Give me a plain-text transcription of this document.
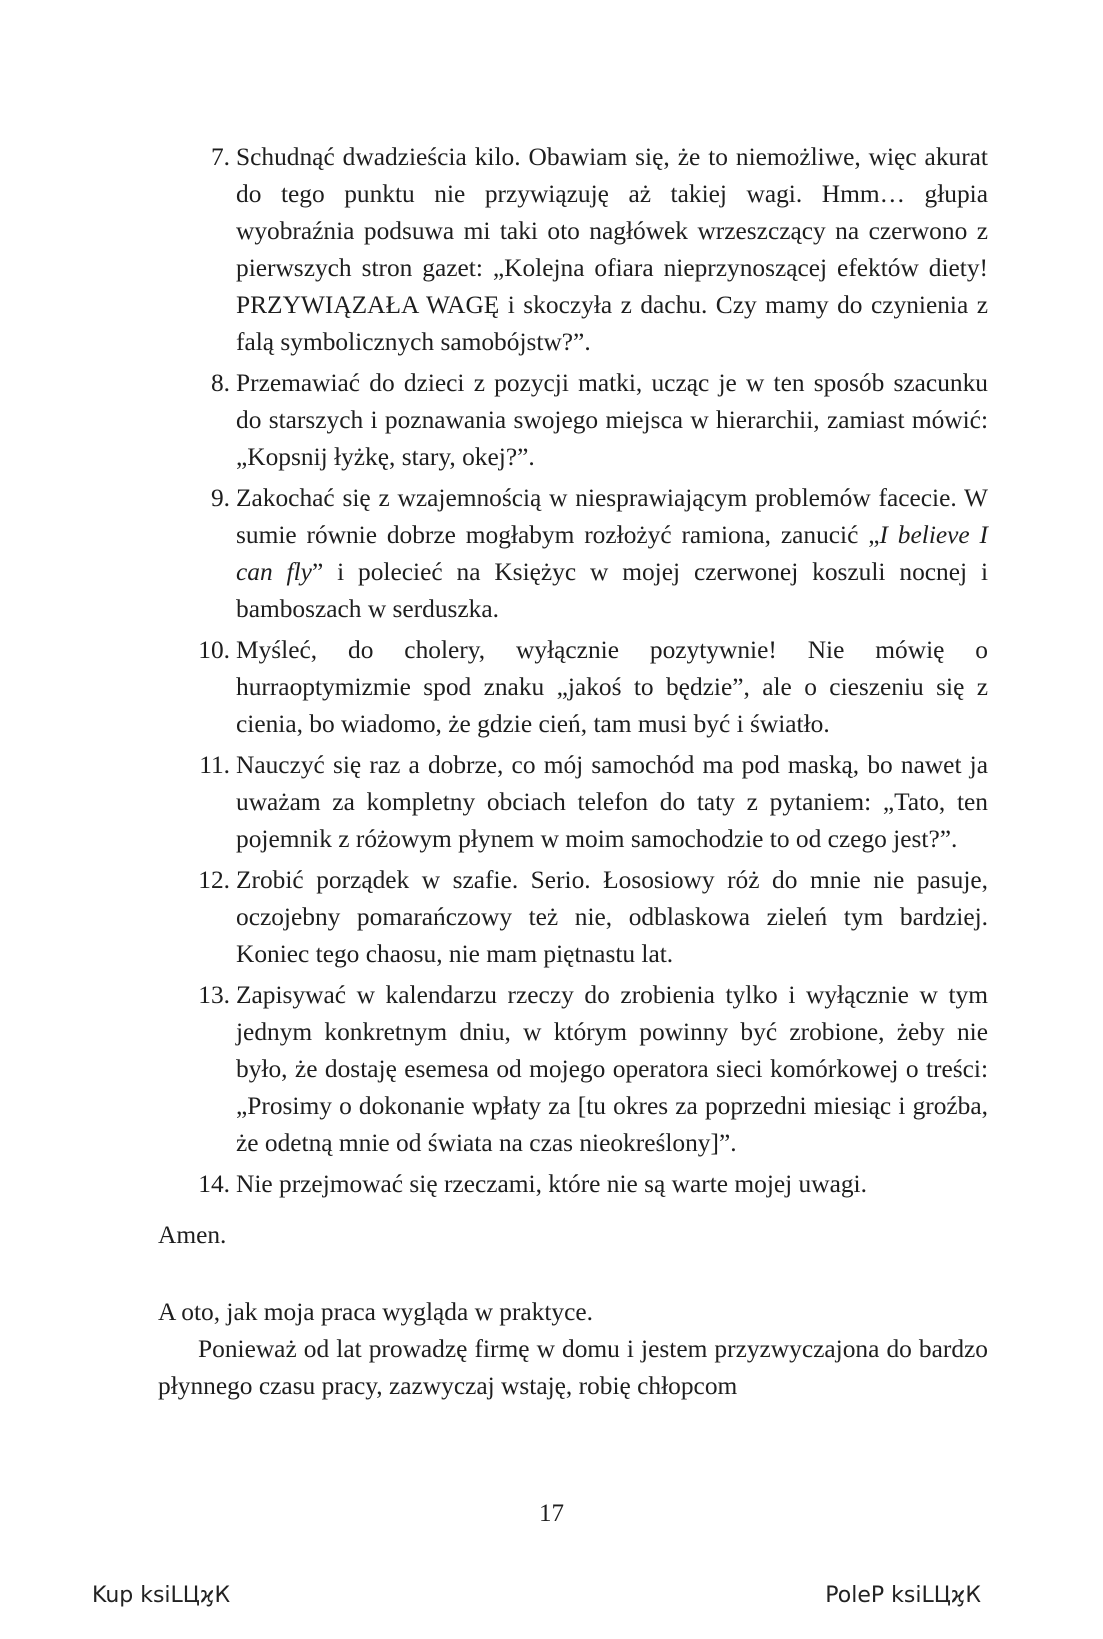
7. Schudnąć dwadzieścia kilo. Obawiam się, że to niemożliwe, więc akurat do tego punktu nie przywiązuję aż takiej wagi. Hmm… głupia wyobraźnia podsuwa mi taki oto nagłówek wrzeszczący na czerwono z pierwszych stron gazet: „Kolejna ofiara nieprzynoszącej efektów diety! PRZYWIĄZAŁA WAGĘ i skoczyła z dachu. Czy mamy do czynienia z falą symbolicznych samobójstw?”.
8. Przemawiać do dzieci z pozycji matki, ucząc je w ten sposób szacunku do starszych i poznawania swojego miejsca w hierarchii, zamiast mówić: „Kopsnij łyżkę, stary, okej?”.
9. Zakochać się z wzajemnością w niesprawiającym problemów facecie. W sumie równie dobrze mogłabym rozłożyć ramiona, zanucić „I believe I can fly” i polecieć na Księżyc w mojej czerwonej koszuli nocnej i bamboszach w serduszka.
10. Myśleć, do cholery, wyłącznie pozytywnie! Nie mówię o hurraoptymizmie spod znaku „jakoś to będzie”, ale o cieszeniu się z cienia, bo wiadomo, że gdzie cień, tam musi być i światło.
11. Nauczyć się raz a dobrze, co mój samochód ma pod maską, bo nawet ja uważam za kompletny obciach telefon do taty z pytaniem: „Tato, ten pojemnik z różowym płynem w moim samochodzie to od czego jest?”.
12. Zrobić porządek w szafie. Serio. Łososiowy róż do mnie nie pasuje, oczojebny pomarańczowy też nie, odblaskowa zieleń tym bardziej. Koniec tego chaosu, nie mam piętnastu lat.
13. Zapisywać w kalendarzu rzeczy do zrobienia tylko i wyłącznie w tym jednym konkretnym dniu, w którym powinny być zrobione, żeby nie było, że dostaję esemesa od mojego operatora sieci komórkowej o treści: „Prosimy o dokonanie wpłaty za [tu okres za poprzedni miesiąc i groźba, że odetną mnie od świata na czas nieokreślony]”.
14. Nie przejmować się rzeczami, które nie są warte mojej uwagi.
Amen.
A oto, jak moja praca wygląda w praktyce.
Ponieważ od lat prowadzę firmę w domu i jestem przyzwyczajona do bardzo płynnego czasu pracy, zazwyczaj wstaję, robię chłopcom
17
Kup ksiLЦϗК	PoleP ksiLЦϗК
